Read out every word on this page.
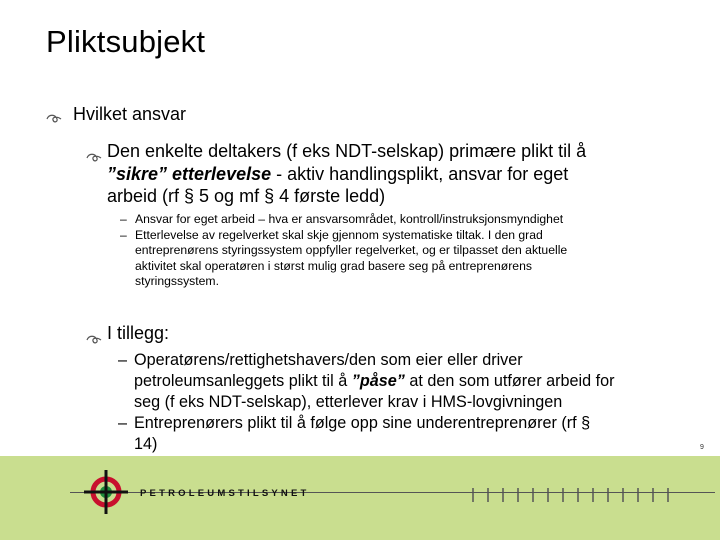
Pliktsubjekt
Hvilket ansvar
Den enkelte deltakers (f eks NDT-selskap) primære plikt til å
”sikre” etterlevelse - aktiv handlingsplikt, ansvar for eget
arbeid (rf § 5 og mf § 4 første ledd)
– Ansvar for eget arbeid – hva er ansvarsområdet, kontroll/instruksjonsmyndighet
– Etterlevelse av regelverket skal skje gjennom systematiske tiltak. I den grad
entreprenørens styringssystem oppfyller regelverket, og er tilpasset den aktuelle
aktivitet skal operatøren i størst mulig grad basere seg på entreprenørens
styringssystem.
I tillegg:
– Operatørens/rettighetshavers/den som eier eller driver
petroleumsanleggets plikt til å ”påse” at den som utfører arbeid for
seg (f eks NDT-selskap), etterlever krav i HMS-lovgivningen
– Entreprenørers plikt til å følge opp sine underentreprenører (rf §
14)	9
PETROLEUMSTILSYNET
